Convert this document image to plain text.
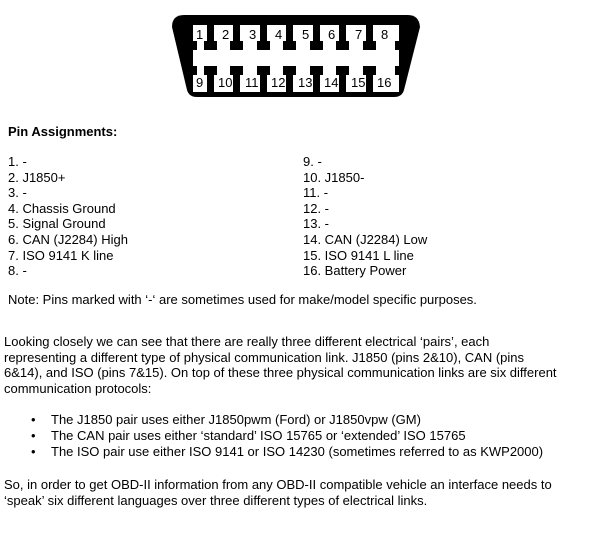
1 2 3 4 5 6 7 8
9 10 11 12 13 14 15 16
Pin Assignments:
1. -
2. J1850+
3. -
4. Chassis Ground
5. Signal Ground
6. CAN (J2284) High
7. ISO 9141 K line
8. -
9. -
10. J1850-
11. -
12. -
13. -
14. CAN (J2284) Low
15. ISO 9141 L line
16. Battery Power
Note: Pins marked with ‘-‘ are sometimes used for make/model specific purposes.
Looking closely we can see that there are really three different electrical ‘pairs’, each
representing a different type of physical communication link. J1850 (pins 2&10), CAN (pins
6&14), and ISO (pins 7&15). On top of these three physical communication links are six different
communication protocols:
• The J1850 pair uses either J1850pwm (Ford) or J1850vpw (GM)
• The CAN pair uses either ‘standard’ ISO 15765 or ‘extended’ ISO 15765
• The ISO pair use either ISO 9141 or ISO 14230 (sometimes referred to as KWP2000)
So, in order to get OBD-II information from any OBD-II compatible vehicle an interface needs to
‘speak’ six different languages over three different types of electrical links.
